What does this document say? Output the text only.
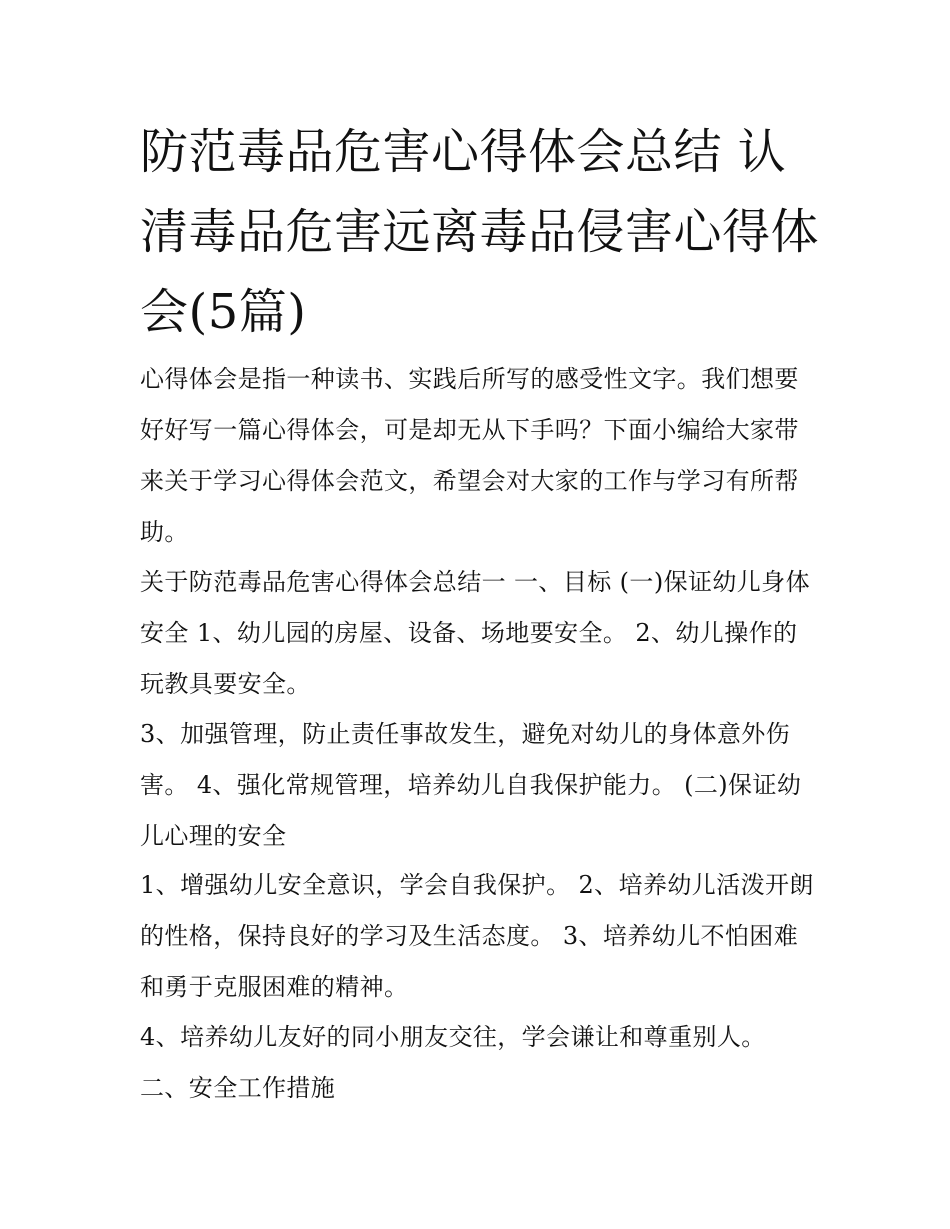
防范毒品危害心得体会总结 认清毒品危害远离毒品侵害心得体会(5篇)

心得体会是指一种读书、实践后所写的感受性文字。我们想要好好写一篇心得体会，可是却无从下手吗？下面小编给大家带来关于学习心得体会范文，希望会对大家的工作与学习有所帮助。

关于防范毒品危害心得体会总结一 一、目标 (一)保证幼儿身体安全 1、幼儿园的房屋、设备、场地要安全。 2、幼儿操作的玩教具要安全。

3、加强管理，防止责任事故发生，避免对幼儿的身体意外伤害。 4、强化常规管理，培养幼儿自我保护能力。 (二)保证幼儿心理的安全

1、增强幼儿安全意识，学会自我保护。 2、培养幼儿活泼开朗的性格，保持良好的学习及生活态度。 3、培养幼儿不怕困难和勇于克服困难的精神。

4、培养幼儿友好的同小朋友交往，学会谦让和尊重别人。

二、安全工作措施
